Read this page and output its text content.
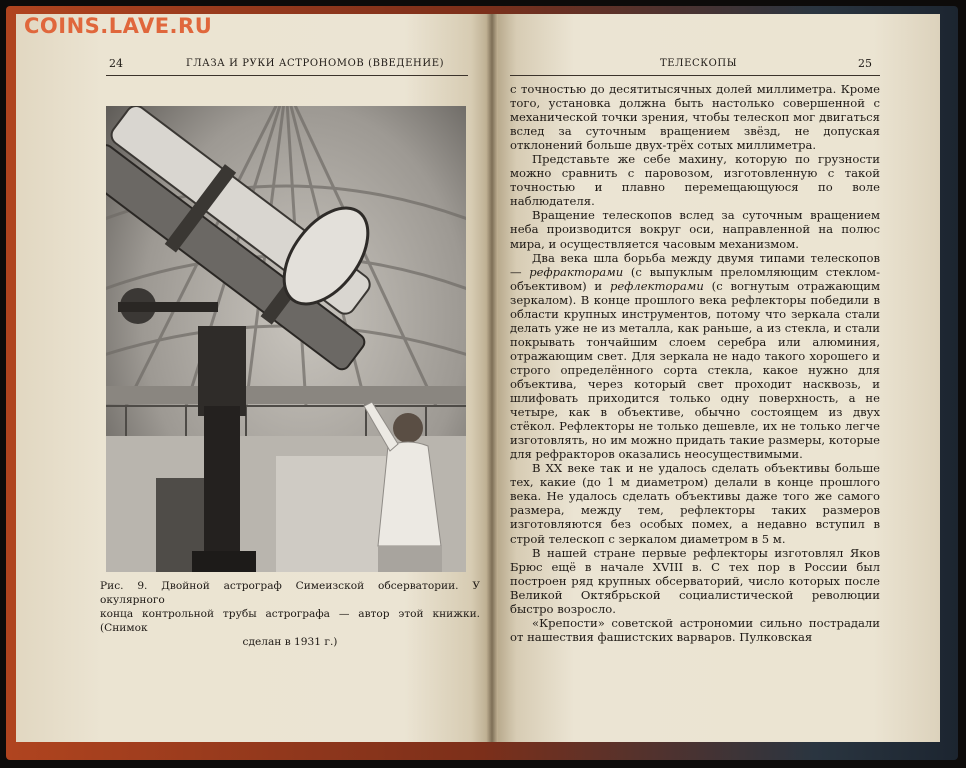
COINS.LAVE.RU
24	ГЛАЗА И РУКИ АСТРОНОМОВ (ВВЕДЕНИЕ)	ТЕЛЕСКОПЫ	25
Рис. 9. Двойной астрограф Симеизской обсерватории. У окулярного
конца контрольной трубы астрографа — автор этой книжки. (Снимок
сделан в 1931 г.)

с точностью до десятитысячных долей миллиметра. Кроме того, установка должна быть настолько совершенной с механической точки зрения, чтобы телескоп мог двигаться вслед за суточным вращением звёзд, не допуская отклонений больше двух-трёх сотых миллиметра.

Представьте же себе махину, которую по грузности можно сравнить с паровозом, изготовленную с такой точностью и плавно перемещающуюся по воле наблюдателя.

Вращение телескопов вслед за суточным вращением неба производится вокруг оси, направленной на полюс мира, и осуществляется часовым механизмом.

Два века шла борьба между двумя типами телескопов — рефракторами (с выпуклым преломляющим стеклом-объективом) и рефлекторами (с вогнутым отражающим зеркалом). В конце прошлого века рефлекторы победили в области крупных инструментов, потому что зеркала стали делать уже не из металла, как раньше, а из стекла, и стали покрывать тончайшим слоем серебра или алюминия, отражающим свет. Для зеркала не надо такого хорошего и строго определённого сорта стекла, какое нужно для объектива, через который свет проходит насквозь, и шлифовать приходится только одну поверхность, а не четыре, как в объективе, обычно состоящем из двух стёкол. Рефлекторы не только дешевле, их не только легче изготовлять, но им можно придать такие размеры, которые для рефракторов оказались неосуществимыми.

В XX веке так и не удалось сделать объективы больше тех, какие (до 1 м диаметром) делали в конце прошлого века. Не удалось сделать объективы даже того же самого размера, между тем, рефлекторы таких размеров изготовляются без особых помех, а недавно вступил в строй телескоп с зеркалом диаметром в 5 м.

В нашей стране первые рефлекторы изготовлял Яков Брюс ещё в начале XVIII в. С тех пор в России был построен ряд крупных обсерваторий, число которых после Великой Октябрьской социалистической революции быстро возросло.

«Крепости» советской астрономии сильно пострадали от нашествия фашистских варваров. Пулковская
